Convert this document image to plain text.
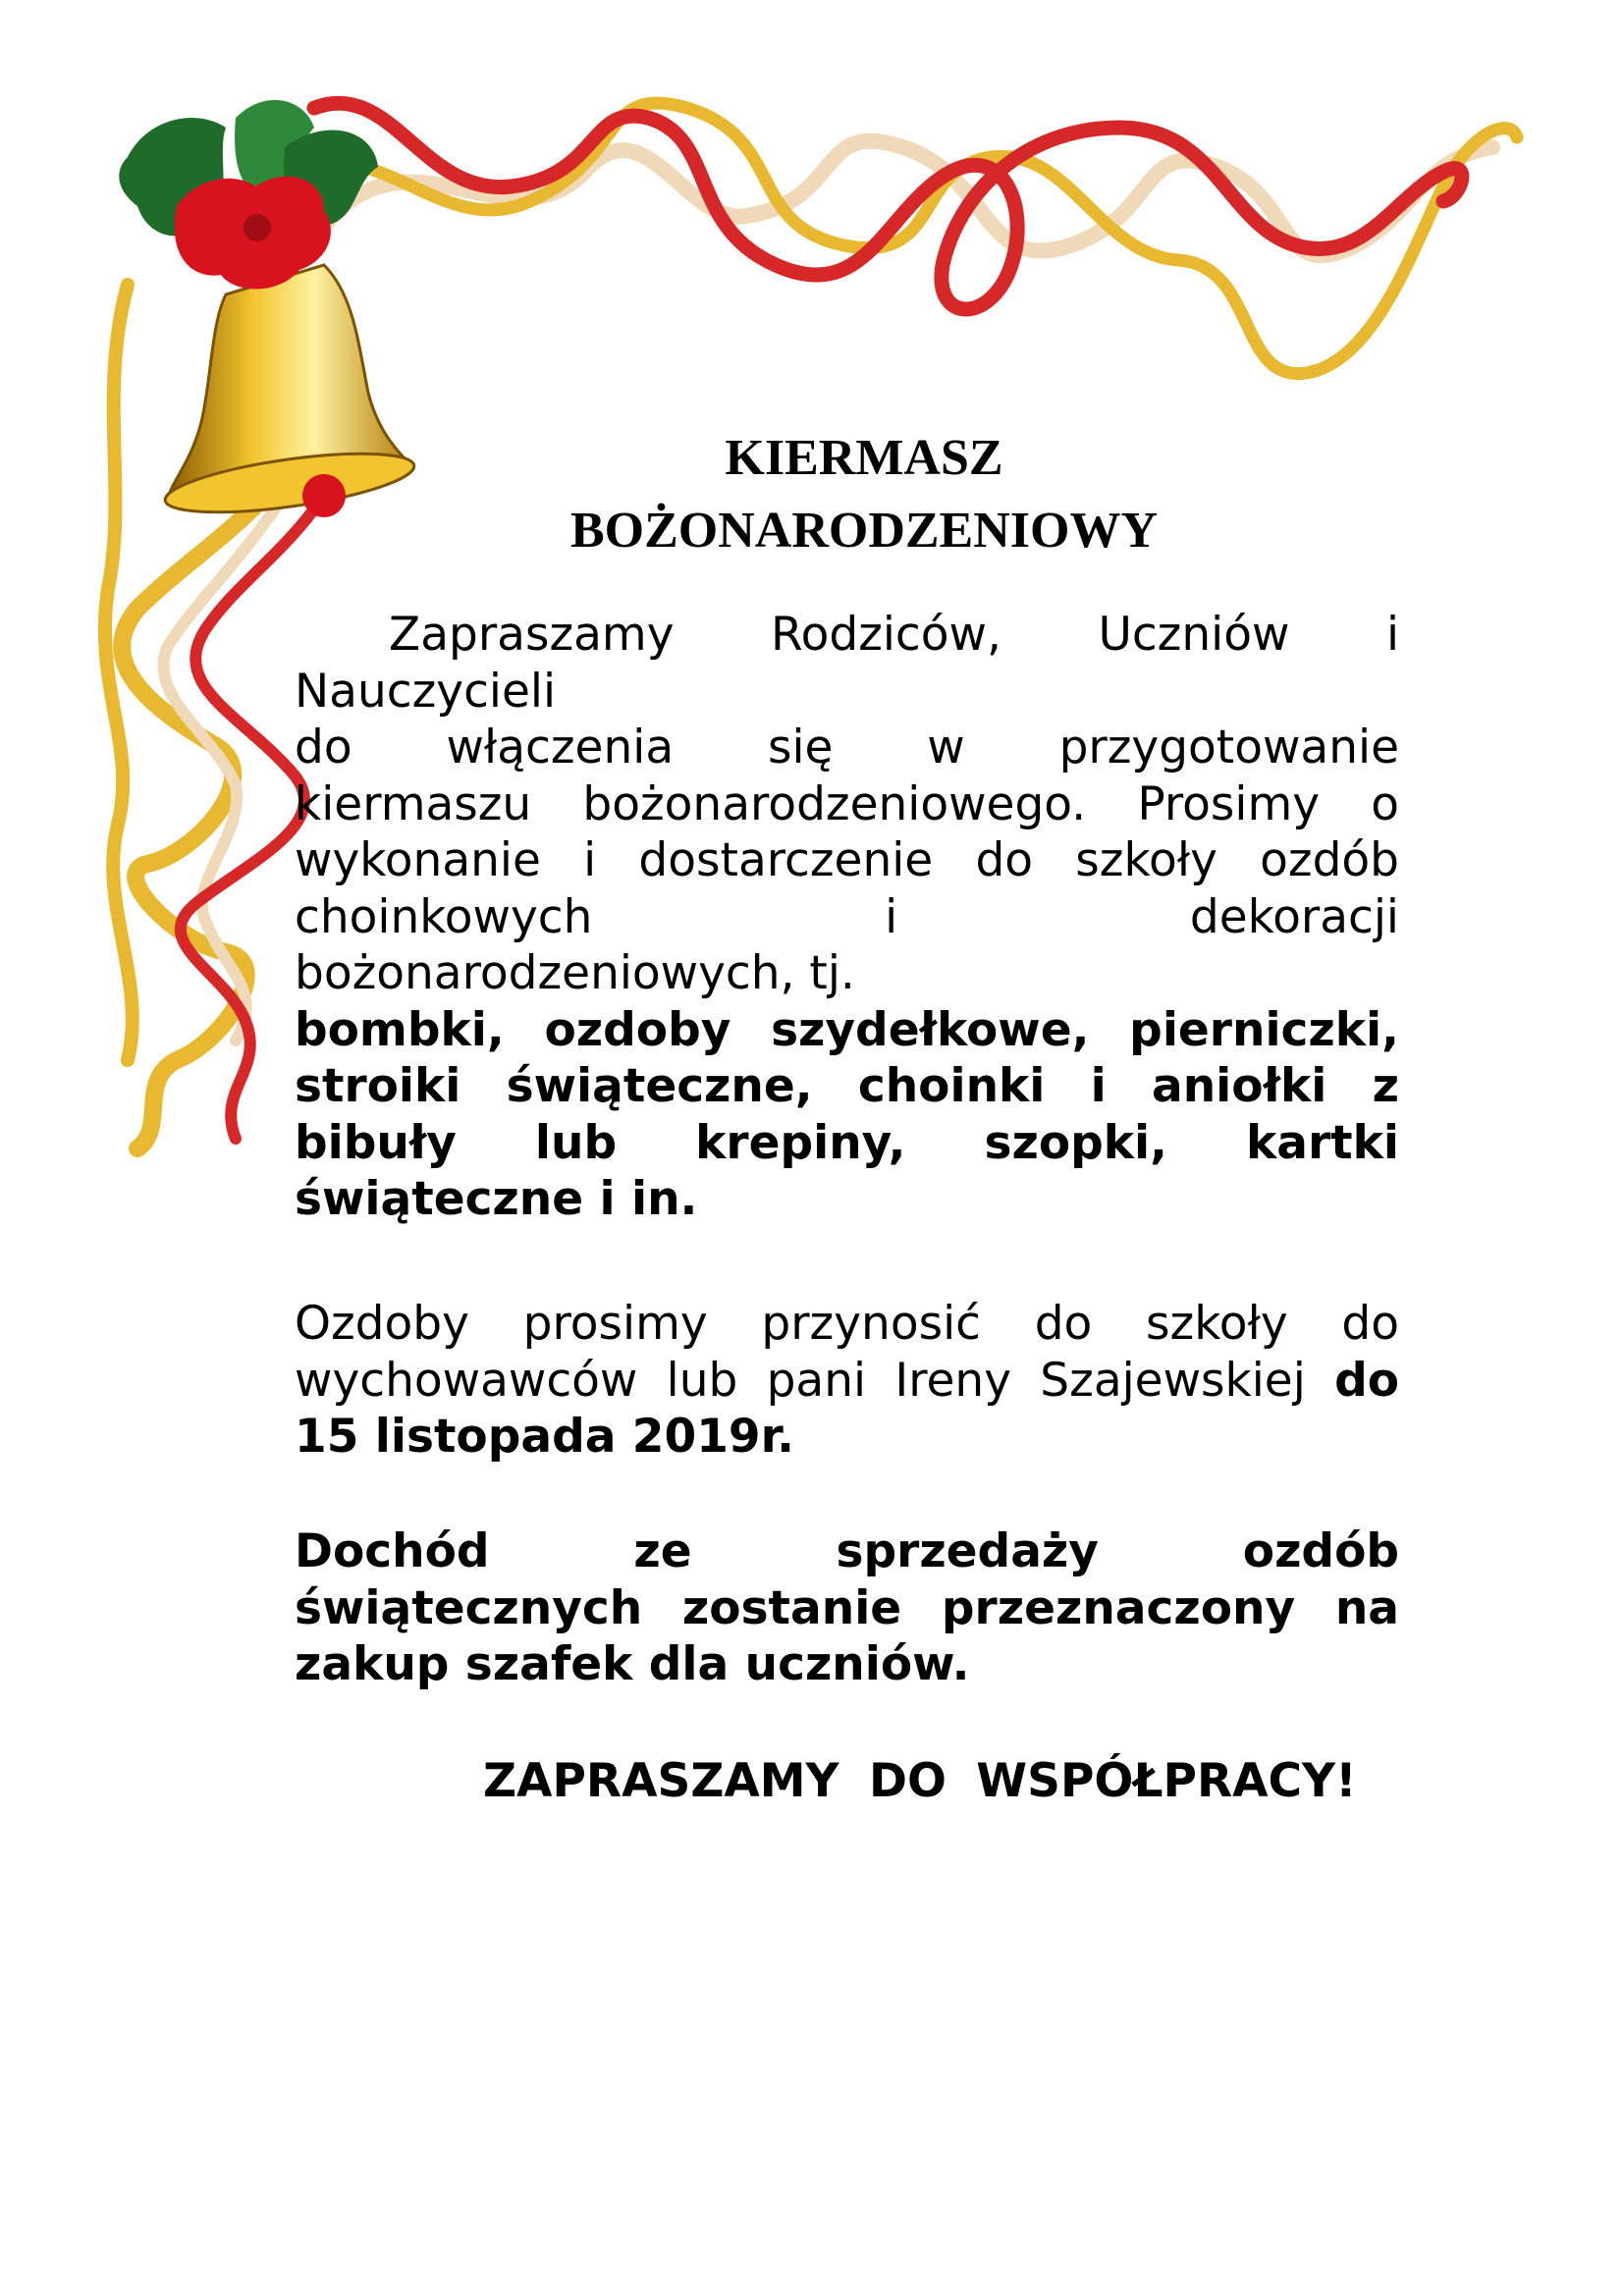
KIERMASZ
BOŻONARODZENIOWY

Zapraszamy Rodziców, Uczniów i

Nauczycieli

do włączenia się w przygotowanie

kiermaszu bożonarodzeniowego. Prosimy o

wykonanie i dostarczenie do szkoły ozdób

choinkowych i dekoracji

bożonarodzeniowych, tj.

bombki, ozdoby szydełkowe, pierniczki,

stroiki świąteczne, choinki i aniołki z

bibuły lub krepiny, szopki, kartki

świąteczne i in.

Ozdoby prosimy przynosić do szkoły do

wychowawców lub pani Ireny Szajewskiej do

15 listopada 2019r.

Dochód ze sprzedaży ozdób

świątecznych zostanie przeznaczony na

zakup szafek dla uczniów.

ZAPRASZAMY DO WSPÓŁPRACY!
